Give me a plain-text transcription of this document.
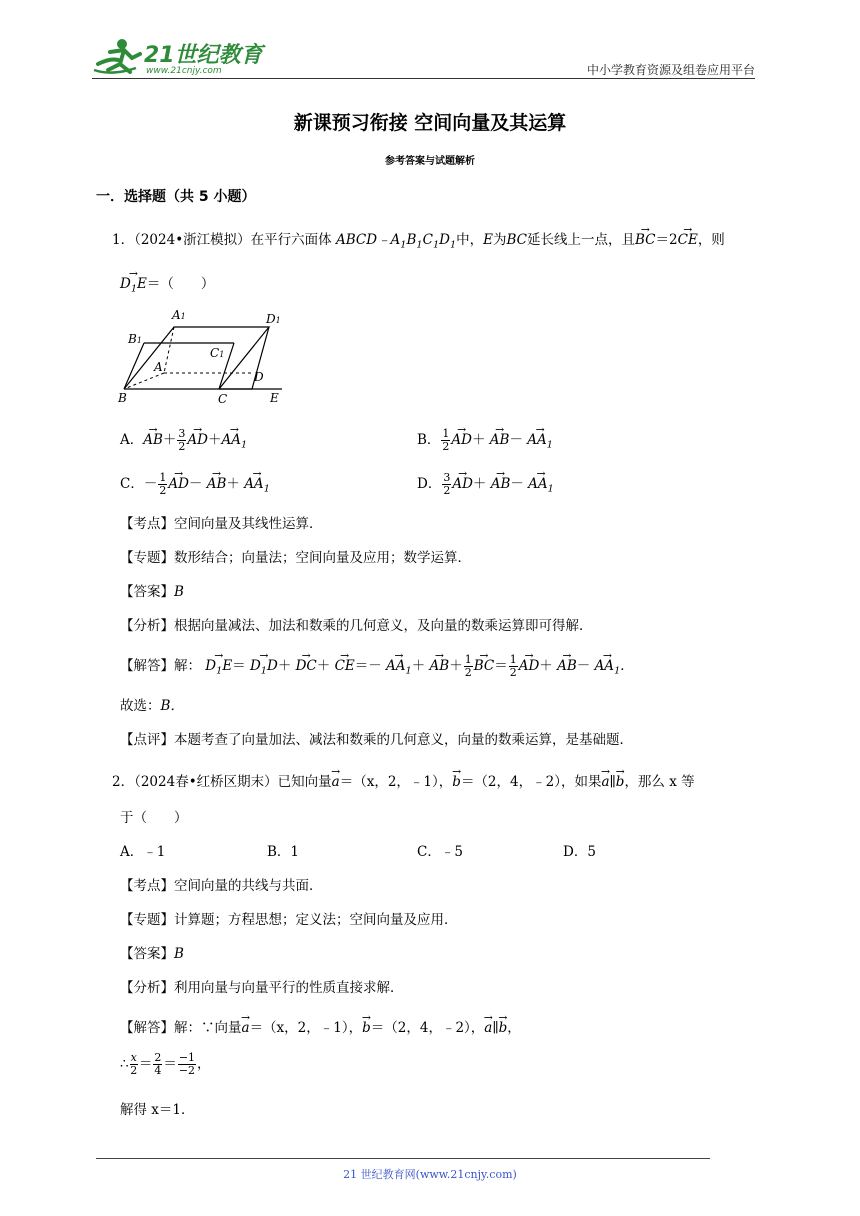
21世纪教育
www.21cnjy.com	中小学教育资源及组卷应用平台
新课预习衔接 空间向量及其运算
参考答案与试题解析
一．选择题（共 5 小题）
1．（2024•浙江模拟）在平行六面体 $ABCD﹣A_1B_1C_1D_1$中，E为BC延长线上一点，且→ BC＝2→ CE，则
→ $D_1E=$（　　）
A1	D1
B1
C1
A
D
B	C	E
A．→ $AB+ \frac{3}{2}$
→ $AD+\to AA_1$	B． $\frac{1}{2}$
→ $AD+ \to AB- \to AA_1$
C．－ $\frac{1}{2}$
→ $AD- \to AB+ \to AA_1$	D． $\frac{3}{2}$
→ $AD+ \to AB- \to AA_1$
【考点】空间向量及其线性运算．
【专题】数形结合；向量法；空间向量及应用；数学运算．
【答案】B
【分析】根据向量减法、加法和数乘的几何意义，及向量的数乘运算即可得解．
【解答】解： → $D_1E= \to D_1D+ \to DC+ \to CE=- \to AA_1+ \to AB+ \frac{1}{2}$
→ $BC= \frac{1}{2}$
→ $AD+ \to AB- \to AA_1$．
故选：B．
【点评】本题考查了向量加法、减法和数乘的几何意义，向量的数乘运算，是基础题．
2．（2024春•红桥区期末）已知向量→ a＝（x，2，﹣1），→ b＝（2，4，﹣2），如果→ a∥→ b，那么 x 等
于（　　）
A．﹣1	B．1	C．﹣5	D．5
【考点】空间向量的共线与共面．
【专题】计算题；方程思想；定义法；空间向量及应用．
【答案】B
【分析】利用向量与向量平行的性质直接求解．
【解答】解：∵向量→ a＝（x，2，﹣1），→ b＝（2，4，﹣2），→ a∥→ b，
∴ $\frac{x}{2} = \frac{2}{4} = \frac{-1}{-2}$ ，
解得 x＝1．
21 世纪教育网(www.21cnjy.com)
